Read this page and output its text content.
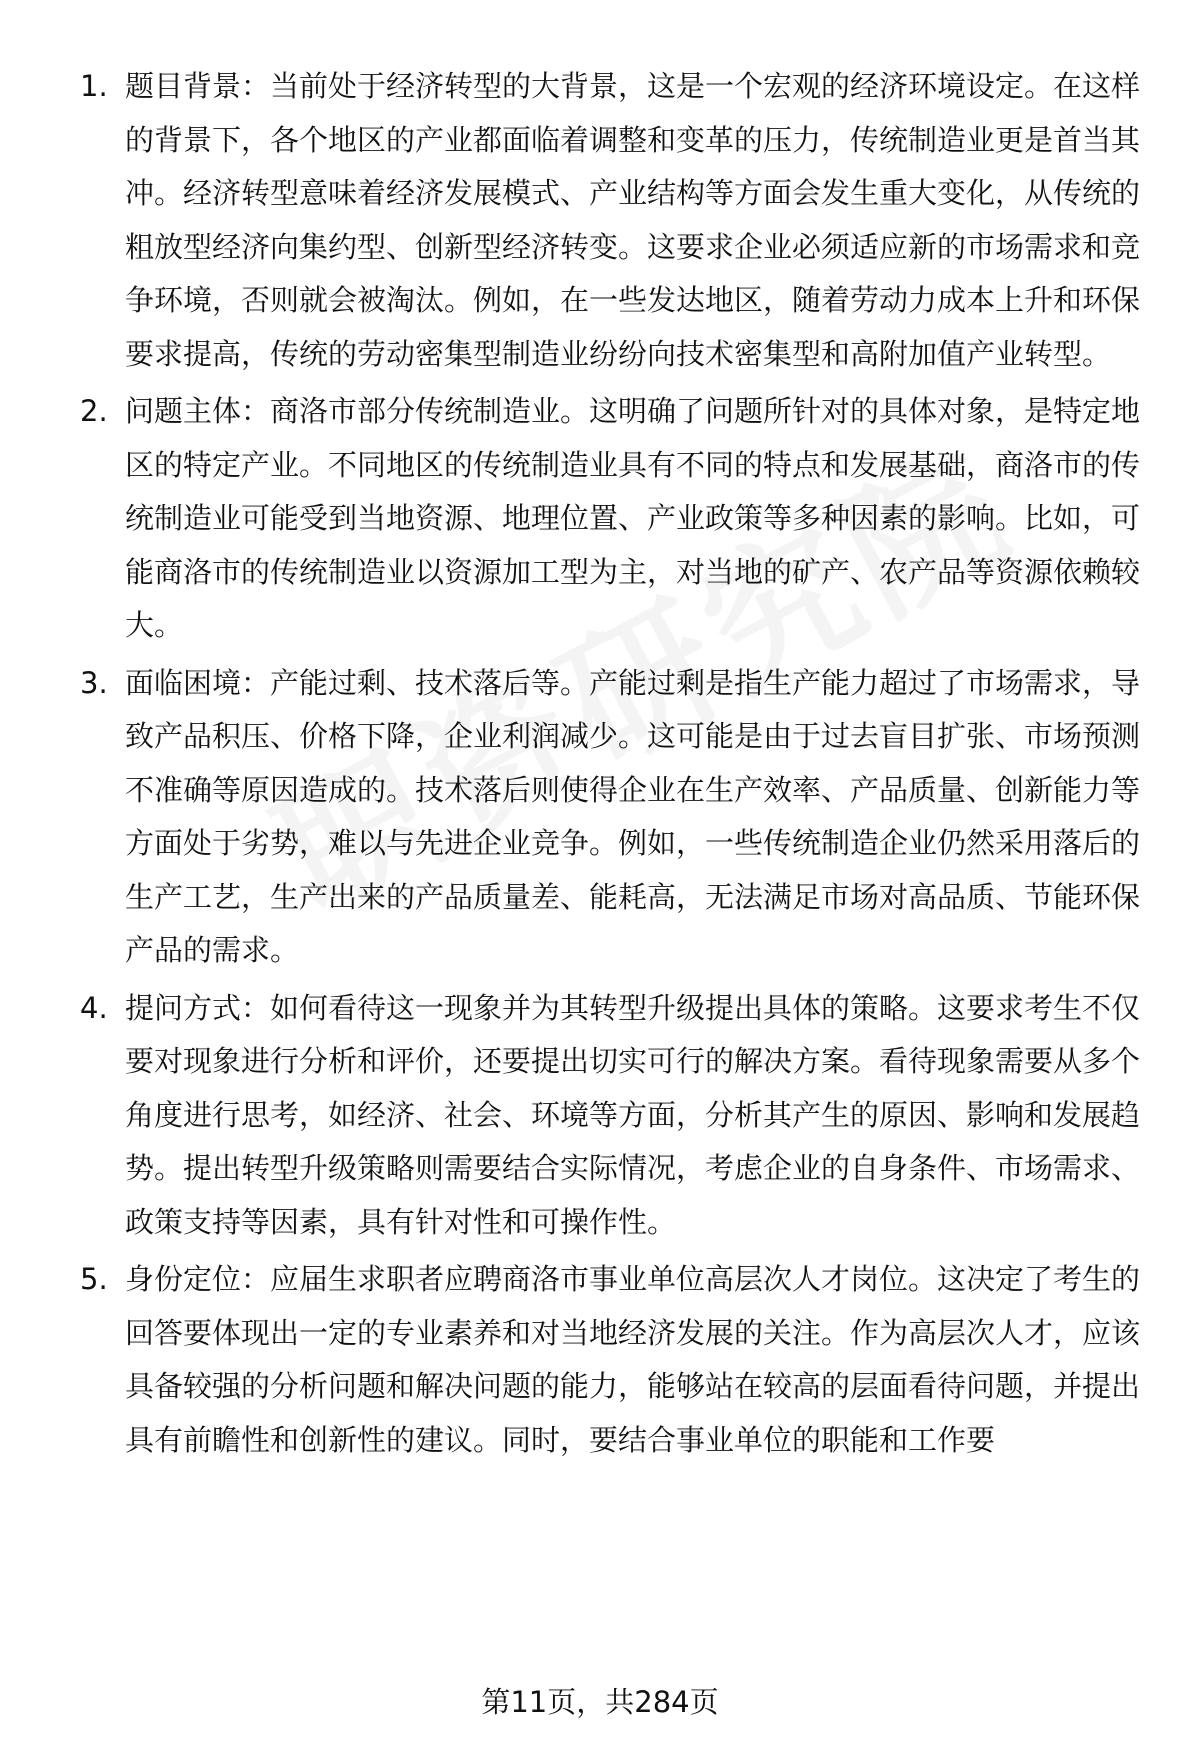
1. 题目背景：当前处于经济转型的大背景，这是一个宏观的经济环境设定。在这样的背景下，各个地区的产业都面临着调整和变革的压力，传统制造业更是首当其冲。经济转型意味着经济发展模式、产业结构等方面会发生重大变化，从传统的粗放型经济向集约型、创新型经济转变。这要求企业必须适应新的市场需求和竞争环境，否则就会被淘汰。例如，在一些发达地区，随着劳动力成本上升和环保要求提高，传统的劳动密集型制造业纷纷向技术密集型和高附加值产业转型。
2. 问题主体：商洛市部分传统制造业。这明确了问题所针对的具体对象，是特定地区的特定产业。不同地区的传统制造业具有不同的特点和发展基础，商洛市的传统制造业可能受到当地资源、地理位置、产业政策等多种因素的影响。比如，可能商洛市的传统制造业以资源加工型为主，对当地的矿产、农产品等资源依赖较大。
3. 面临困境：产能过剩、技术落后等。产能过剩是指生产能力超过了市场需求，导致产品积压、价格下降，企业利润减少。这可能是由于过去盲目扩张、市场预测不准确等原因造成的。技术落后则使得企业在生产效率、产品质量、创新能力等方面处于劣势，难以与先进企业竞争。例如，一些传统制造企业仍然采用落后的生产工艺，生产出来的产品质量差、能耗高，无法满足市场对高品质、节能环保产品的需求。
4. 提问方式：如何看待这一现象并为其转型升级提出具体的策略。这要求考生不仅要对现象进行分析和评价，还要提出切实可行的解决方案。看待现象需要从多个角度进行思考，如经济、社会、环境等方面，分析其产生的原因、影响和发展趋势。提出转型升级策略则需要结合实际情况，考虑企业的自身条件、市场需求、政策支持等因素，具有针对性和可操作性。
5. 身份定位：应届生求职者应聘商洛市事业单位高层次人才岗位。这决定了考生的回答要体现出一定的专业素养和对当地经济发展的关注。作为高层次人才，应该具备较强的分析问题和解决问题的能力，能够站在较高的层面看待问题，并提出具有前瞻性和创新性的建议。同时，要结合事业单位的职能和工作要
第11页，共284页
